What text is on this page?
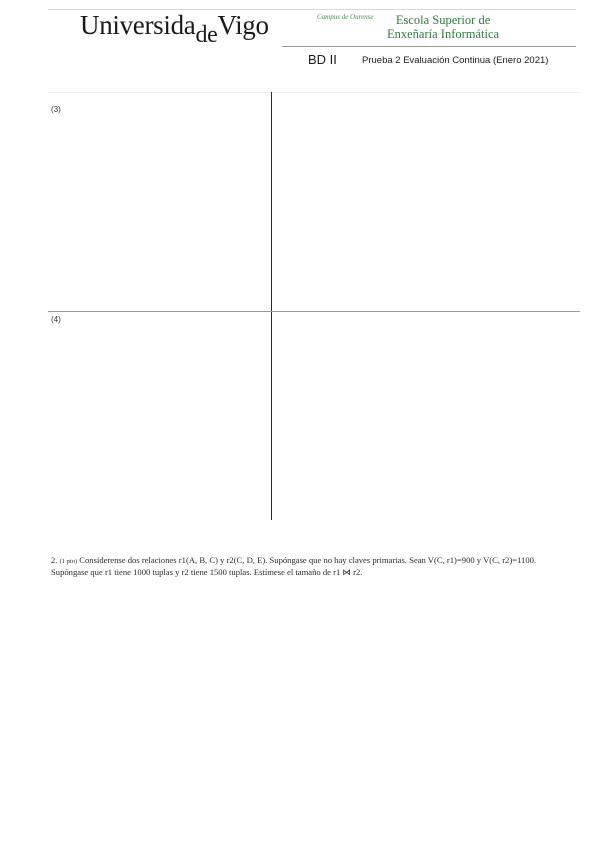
UniversidadeVigo	Campus de Ourense	Escola Superior de
Enxeñaría Informática
BD II	Prueba 2 Evaluación Continua (Enero 2021)
(3)
(4)

2. (1 pto) Considerense dos relaciones r1(A, B, C) y r2(C, D, E). Supóngase que no hay claves primarias. Sean V(C, r1)=900 y V(C, r2)=1100. Supóngase que r1 tiene 1000 tuplas y r2 tiene 1500 tuplas. Estímese el tamaño de r1 ⋈ r2.
